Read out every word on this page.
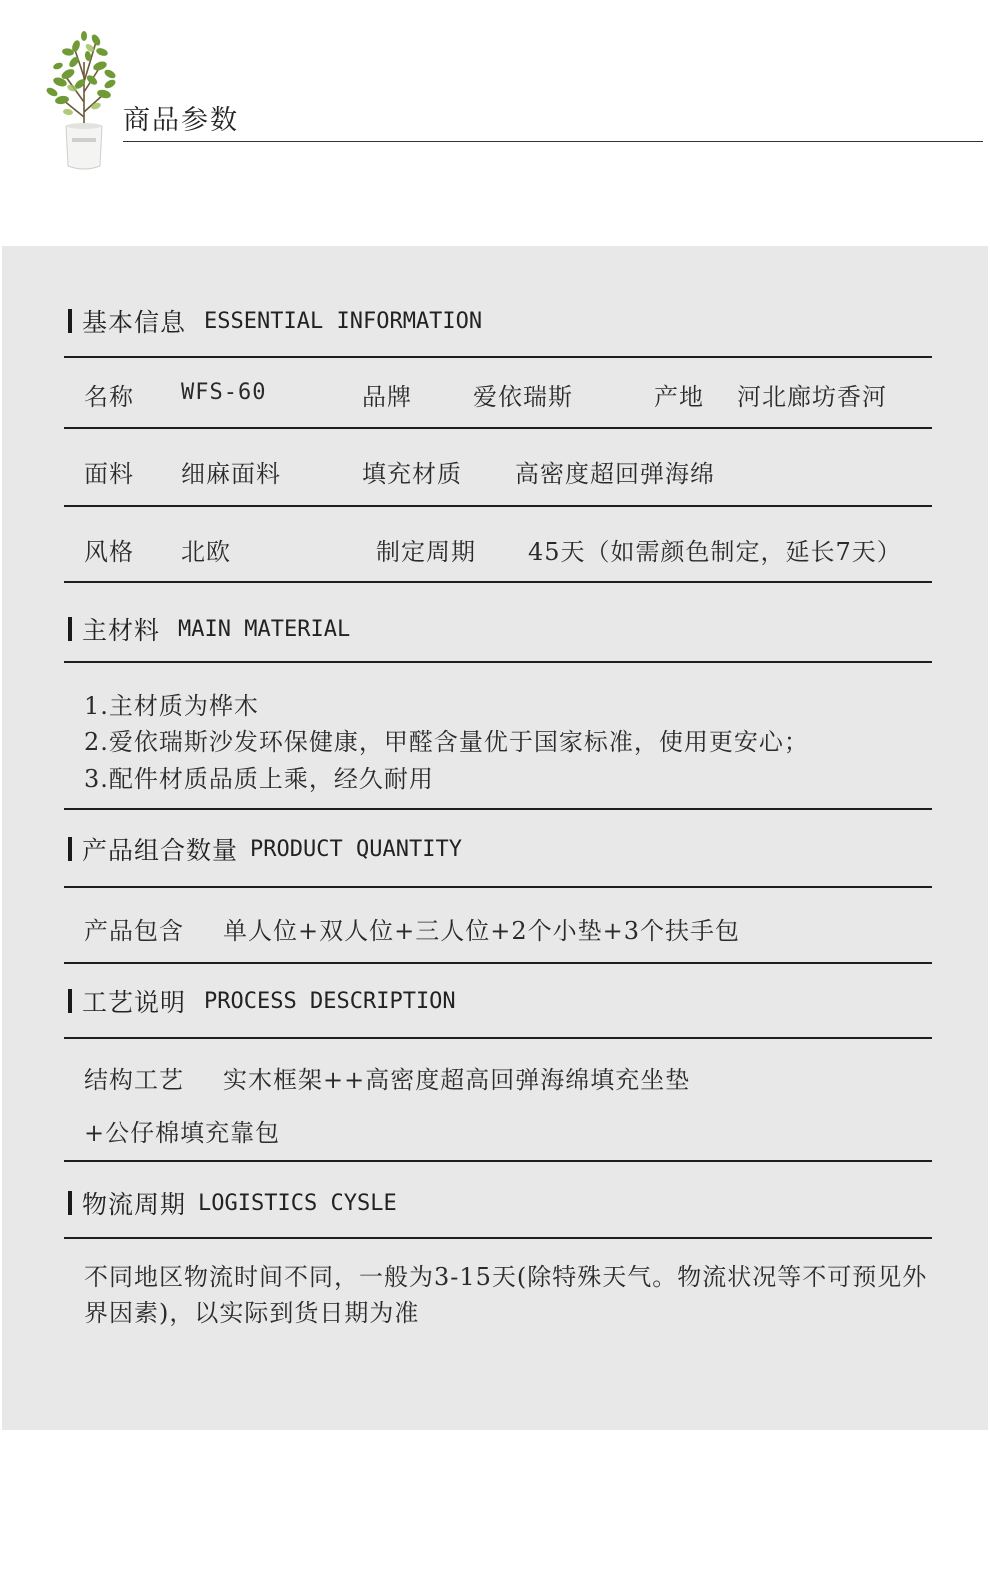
商品参数
基本信息 ESSENTIAL INFORMATION
名称 WFS-60	品牌	爱依瑞斯	产地 河北廊坊香河
面料 细麻面料	填充材质 高密度超回弹海绵
风格 北欧	制定周期 45天（如需颜色制定，延长7天）
主材料 MAIN MATERIAL
1.主材质为桦木
2.爱依瑞斯沙发环保健康，甲醛含量优于国家标准，使用更安心；
3.配件材质品质上乘，经久耐用
产品组合数量 PRODUCT QUANTITY
产品包含 单人位+双人位+三人位+2个小垫+3个扶手包
工艺说明 PROCESS DESCRIPTION
结构工艺 实木框架++高密度超高回弹海绵填充坐垫
+公仔棉填充靠包
物流周期 LOGISTICS CYSLE
不同地区物流时间不同，一般为3-15天(除特殊天气。物流状况等不可预见外界因素)，以实际到货日期为准
